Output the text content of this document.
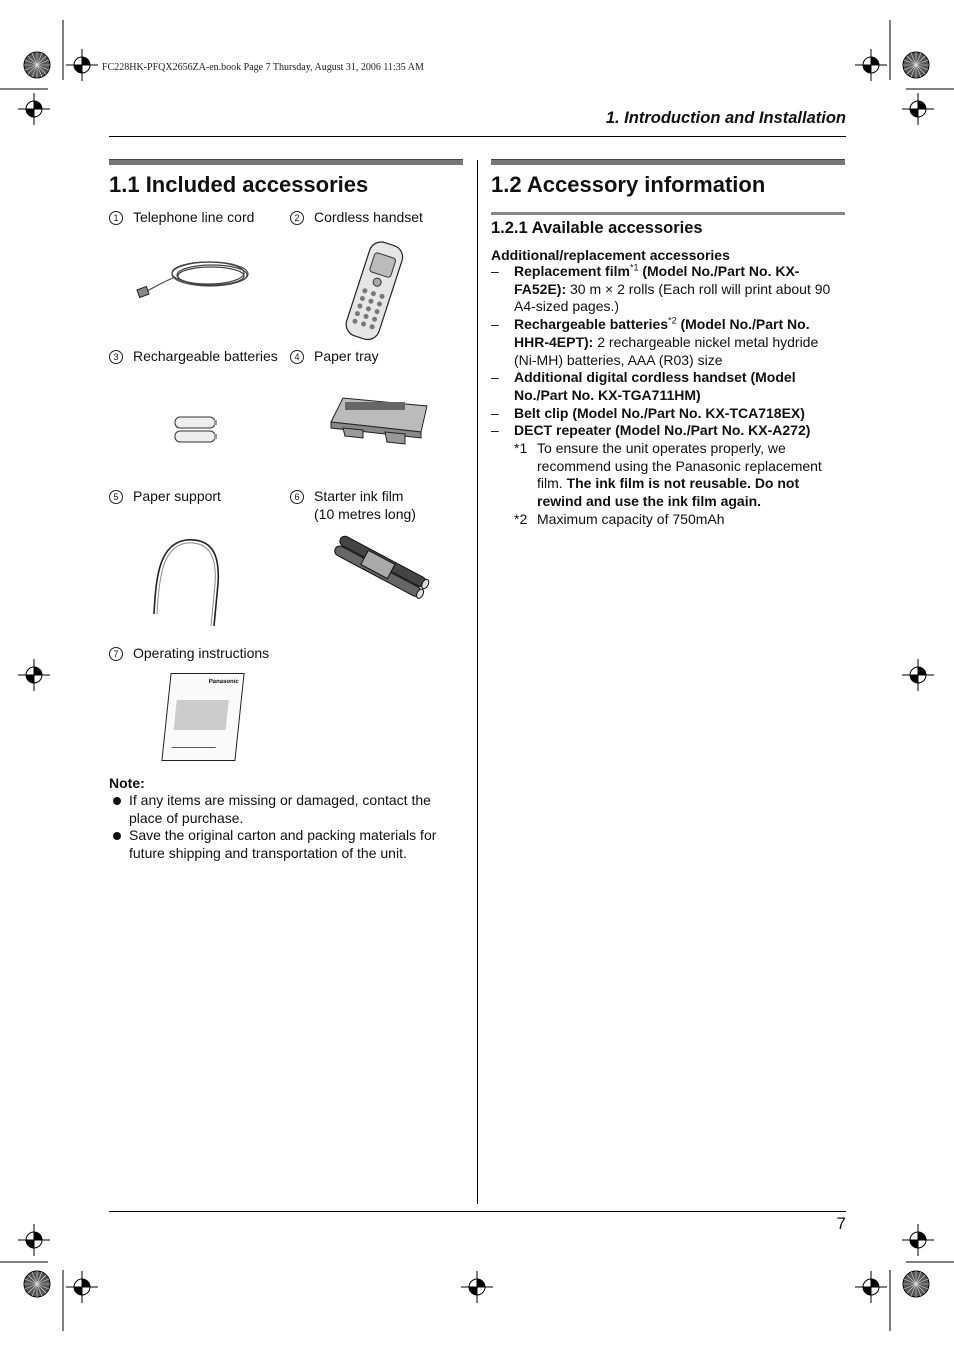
FC228HK-PFQX2656ZA-en.book Page 7 Thursday, August 31, 2006 11:35 AM
1. Introduction and Installation
1.1 Included accessories
1	Telephone line cord	2	Cordless handset
3	Rechargeable batteries	4	Paper tray
5	Paper support	6	Starter ink film
(10 metres long)
7	Operating instructions
Panasonic
Note:
If any items are missing or damaged, contact the place of purchase.
Save the original carton and packing materials for future shipping and transportation of the unit.
1.2 Accessory information
1.2.1 Available accessories
Additional/replacement accessories
–	Replacement film$^{*1}$ (Model No./Part No. KX-FA52E): 30 m × 2 rolls (Each roll will print about 90 A4-sized pages.)
–	Rechargeable batteries$^{*2}$ (Model No./Part No. HHR-4EPT): 2 rechargeable nickel metal hydride (Ni-MH) batteries, AAA (R03) size
–	Additional digital cordless handset (Model No./Part No. KX-TGA711HM)
–	Belt clip (Model No./Part No. KX-TCA718EX)
–	DECT repeater (Model No./Part No. KX-A272)
*1 To ensure the unit operates properly, we recommend using the Panasonic replacement film. The ink film is not reusable. Do not rewind and use the ink film again.
*2 Maximum capacity of 750mAh
7
